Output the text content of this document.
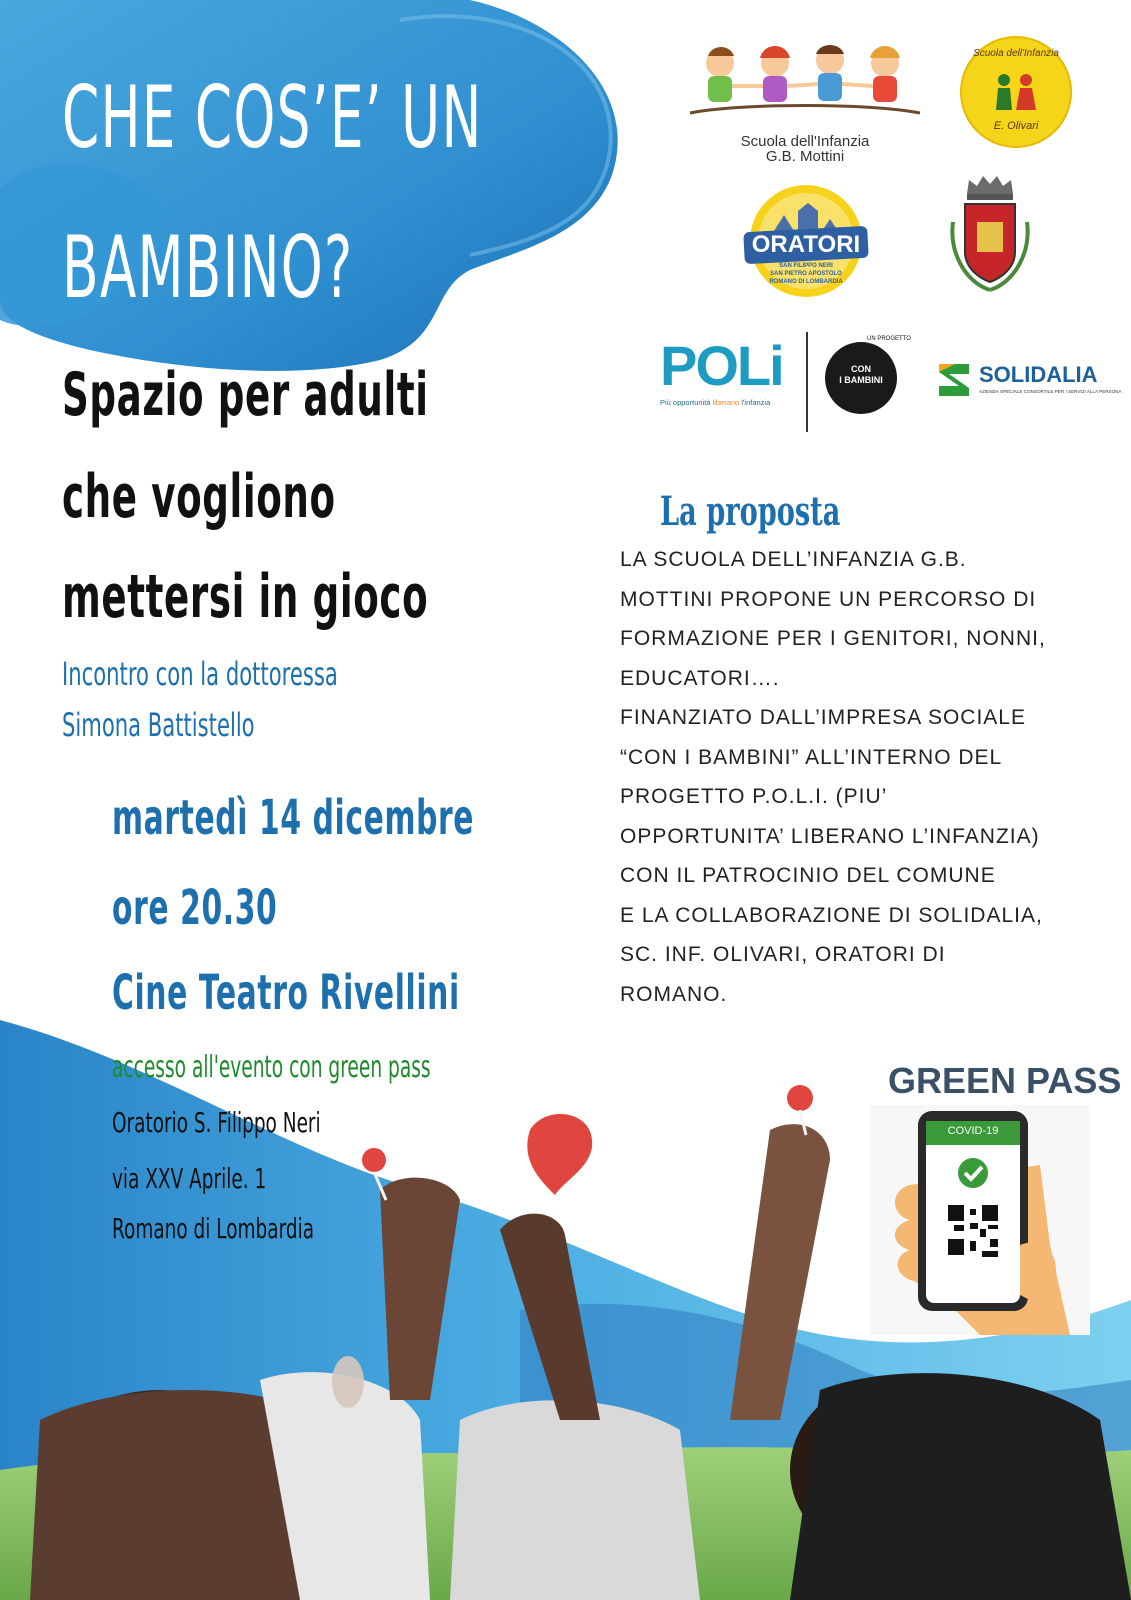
CHE COS’E’ UN
BAMBINO?
Spazio per adulti
che vogliono
mettersi in gioco
Incontro con la dottoressa
Simona Battistello
martedì 14 dicembre
ore 20.30
Cine Teatro Rivellini
accesso all'evento con green pass
Oratorio S. Filippo Neri
via XXV Aprile. 1
Romano di Lombardia
Scuola dell'Infanzia
G.B. Mottini
Scuola dell'Infanzia
E. Olivari
ORATORI
SAN FILIPPO NERI
SAN PIETRO APOSTOLO
ROMANO DI LOMBARDIA
POLi
Più opportunità liberano l'infanzia
UN PROGETTO
CON
I BAMBINI	SOLIDALIA
AZIENDA SPECIALE CONSORTILE PER I SERVIZI ALLA PERSONA
La proposta
LA SCUOLA DELL’INFANZIA G.B.
MOTTINI PROPONE UN PERCORSO DI
FORMAZIONE PER I GENITORI, NONNI,
EDUCATORI….
FINANZIATO DALL’IMPRESA SOCIALE
“CON I BAMBINI” ALL’INTERNO DEL
PROGETTO P.O.L.I. (PIU’
OPPORTUNITA’ LIBERANO L’INFANZIA)
CON IL PATROCINIO DEL COMUNE
E LA COLLABORAZIONE DI SOLIDALIA,
SC. INF. OLIVARI, ORATORI DI
ROMANO.
GREEN PASS
COVID-19
